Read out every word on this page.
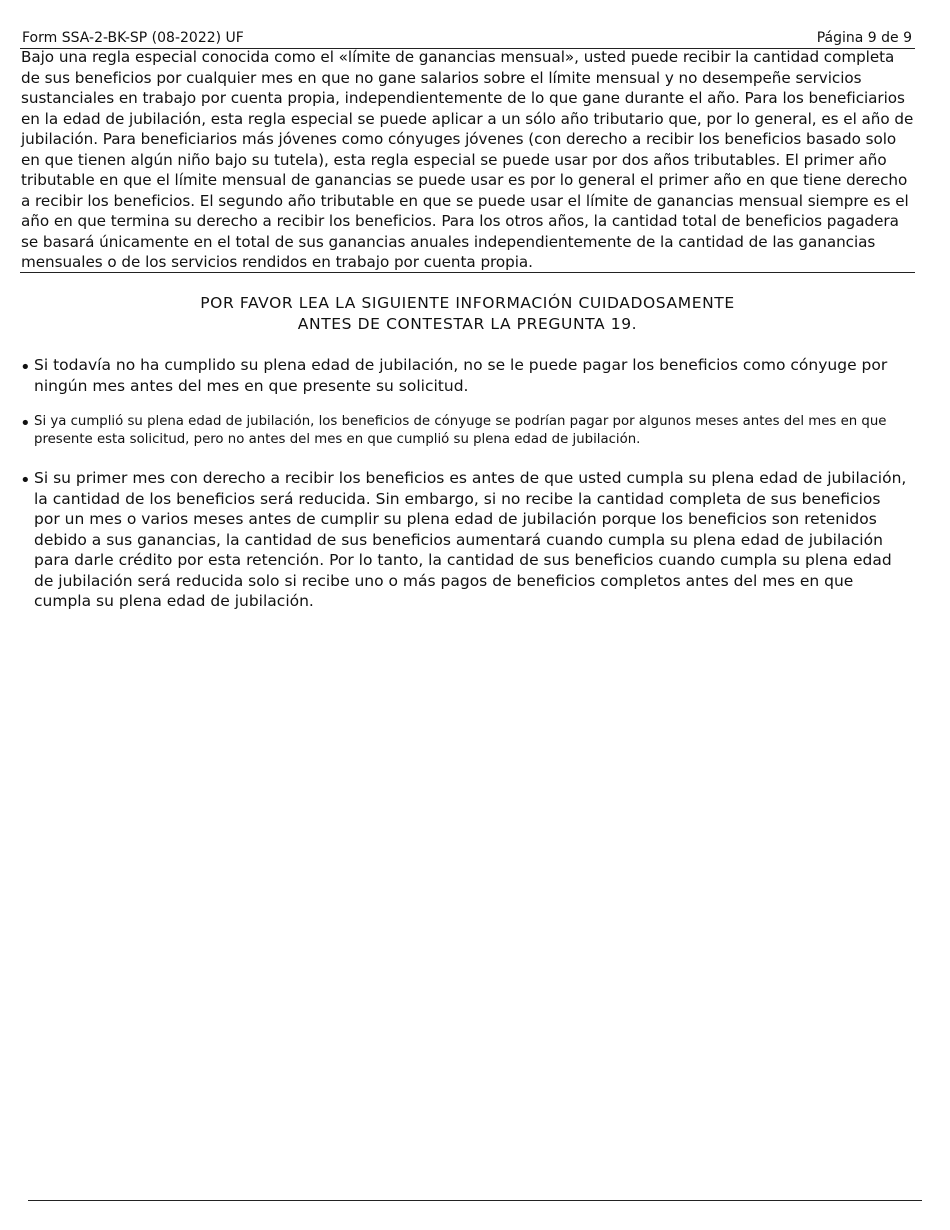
Form SSA-2-BK-SP (08-2022) UF	Página 9 de 9

Bajo una regla especial conocida como el «límite de ganancias mensual», usted puede recibir la cantidad completa de sus beneficios por cualquier mes en que no gane salarios sobre el límite mensual y no desempeñe servicios sustanciales en trabajo por cuenta propia, independientemente de lo que gane durante el año. Para los beneficiarios en la edad de jubilación, esta regla especial se puede aplicar a un sólo año tributario que, por lo general, es el año de jubilación. Para beneficiarios más jóvenes como cónyuges jóvenes (con derecho a recibir los beneficios basado solo en que tienen algún niño bajo su tutela), esta regla especial se puede usar por dos años tributables. El primer año tributable en que el límite mensual de ganancias se puede usar es por lo general el primer año en que tiene derecho a recibir los beneficios. El segundo año tributable en que se puede usar el límite de ganancias mensual siempre es el año en que termina su derecho a recibir los beneficios. Para los otros años, la cantidad total de beneficios pagadera se basará únicamente en el total de sus ganancias anuales independientemente de la cantidad de las ganancias mensuales o de los servicios rendidos en trabajo por cuenta propia.

POR FAVOR LEA LA SIGUIENTE INFORMACIÓN CUIDADOSAMENTE
ANTES DE CONTESTAR LA PREGUNTA 19.

• Si todavía no ha cumplido su plena edad de jubilación, no se le puede pagar los beneficios como cónyuge por ningún mes antes del mes en que presente su solicitud.

• Si ya cumplió su plena edad de jubilación, los beneficios de cónyuge se podrían pagar por algunos meses antes del mes en que presente esta solicitud, pero no antes del mes en que cumplió su plena edad de jubilación.

• Si su primer mes con derecho a recibir los beneficios es antes de que usted cumpla su plena edad de jubilación, la cantidad de los beneficios será reducida. Sin embargo, si no recibe la cantidad completa de sus beneficios por un mes o varios meses antes de cumplir su plena edad de jubilación porque los beneficios son retenidos debido a sus ganancias, la cantidad de sus beneficios aumentará cuando cumpla su plena edad de jubilación para darle crédito por esta retención. Por lo tanto, la cantidad de sus beneficios cuando cumpla su plena edad de jubilación será reducida solo si recibe uno o más pagos de beneficios completos antes del mes en que cumpla su plena edad de jubilación.
